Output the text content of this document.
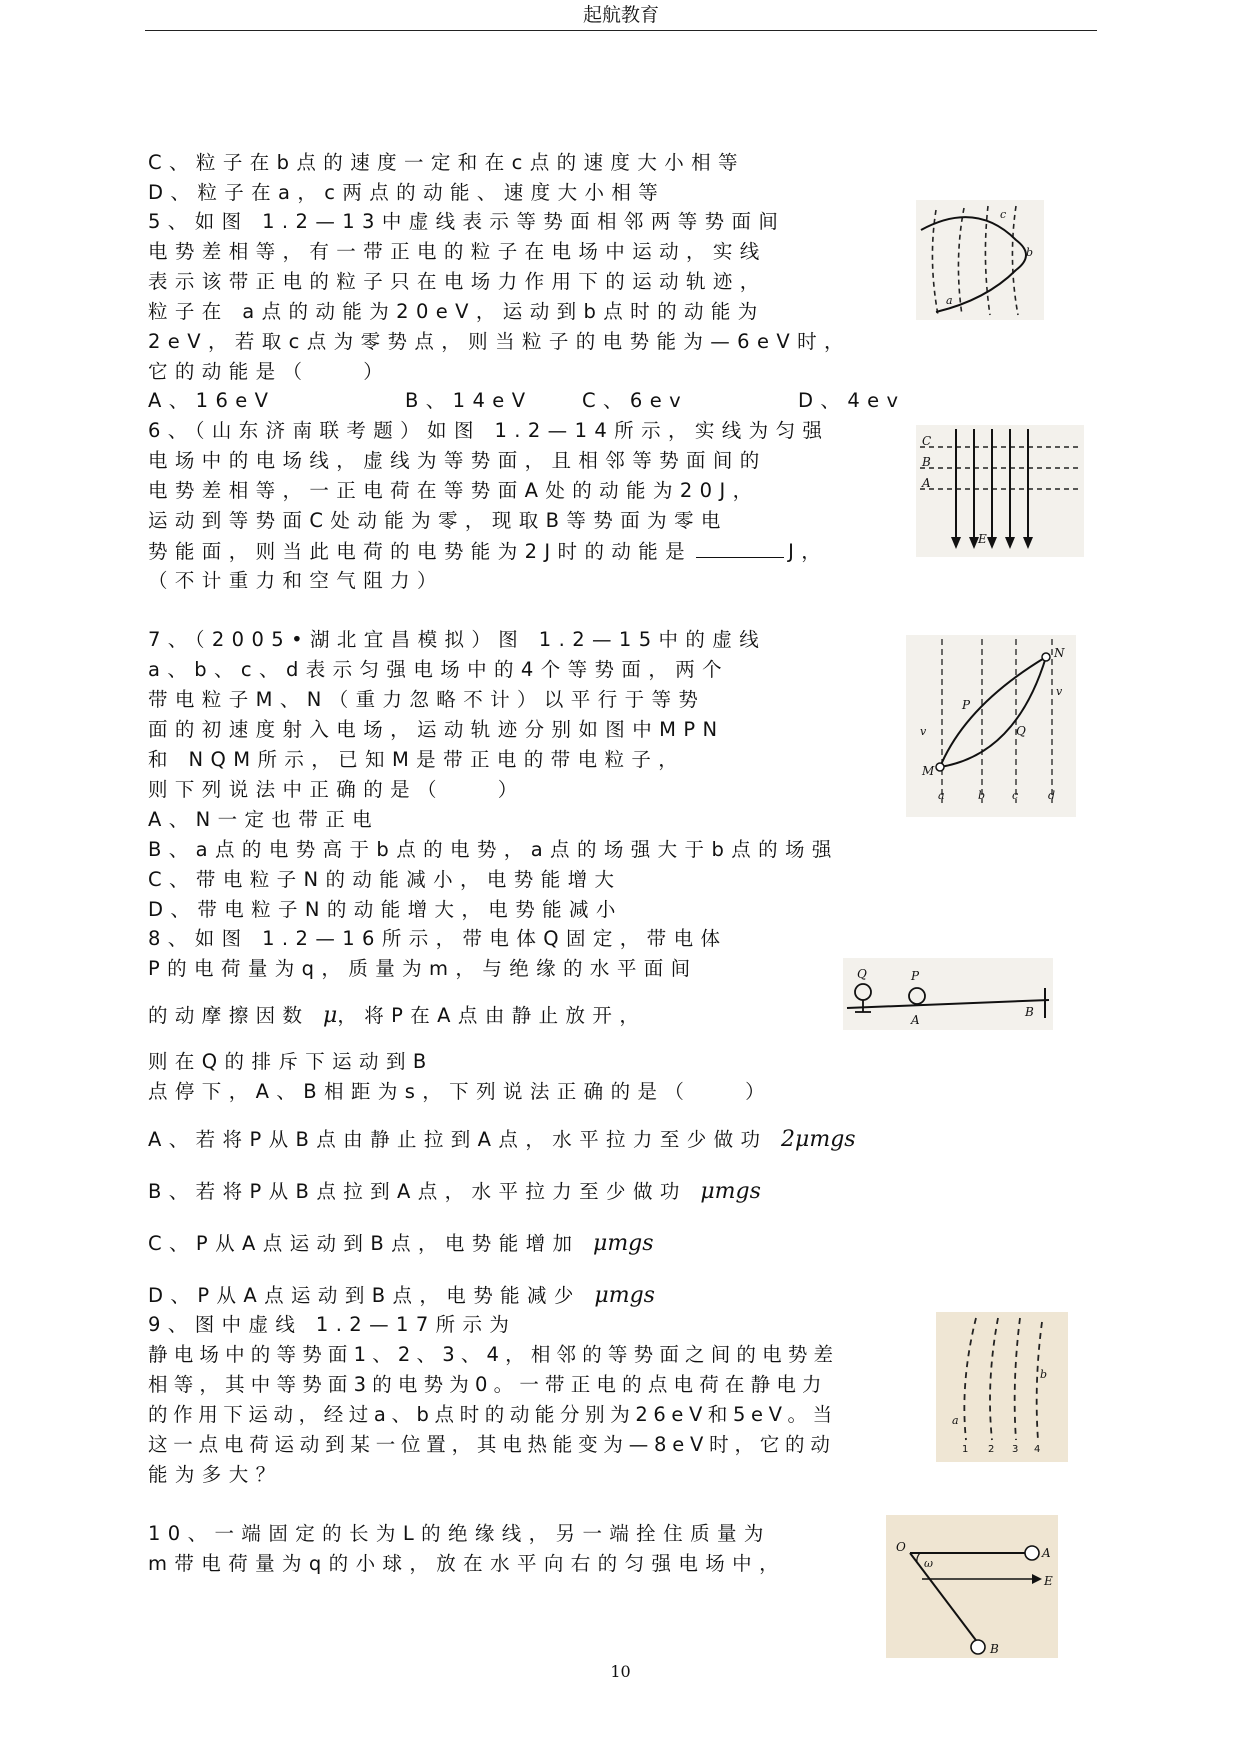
起航教育
C、粒子在b点的速度一定和在c点的速度大小相等
D、粒子在a，c两点的动能、速度大小相等
5、如图 1.2—13中虚线表示等势面相邻两等势面间
电势差相等，有一带正电的粒子在电场中运动，实线
表示该带正电的粒子只在电场力作用下的运动轨迹，
粒子在 a点的动能为20eV，运动到b点时的动能为
2eV，若取c点为零势点，则当粒子的电势能为—6eV时，
它的动能是（　　）
A、16eV	B、14eV	C、6ev	D、4ev
6、（山东济南联考题）如图 1.2—14所示，实线为匀强
电场中的电场线，虚线为等势面，且相邻等势面间的
电势差相等，一正电荷在等势面A处的动能为20J，
运动到等势面C处动能为零，现取B等势面为零电
势能面，则当此电荷的电势能为2J时的动能是	J，
（不计重力和空气阻力）
7、（2005•湖北宜昌模拟）图 1.2—15中的虚线
a、b、c、d表示匀强电场中的4个等势面，两个
带电粒子M、N（重力忽略不计）以平行于等势
面的初速度射入电场，运动轨迹分别如图中MPN
和 NQM所示，已知M是带正电的带电粒子，
则下列说法中正确的是（　　）
A、N一定也带正电
B、a点的电势高于b点的电势，a点的场强大于b点的场强
C、带电粒子N的动能减小，电势能增大
D、带电粒子N的动能增大，电势能减小
8、如图 1.2—16所示，带电体Q固定，带电体
P的电荷量为q，质量为m，与绝缘的水平面间
的动摩擦因数 μ，将P在A点由静止放开，
则在Q的排斥下运动到B
点停下，A、B相距为s，下列说法正确的是（　　）
A、若将P从B点由静止拉到A点，水平拉力至少做功 2μmgs
B、若将P从B点拉到A点，水平拉力至少做功 μmgs
C、P从A点运动到B点，电势能增加 μmgs
D、P从A点运动到B点，电势能减少 μmgs
9、图中虚线 1.2—17所示为
静电场中的等势面1、2、3、4，相邻的等势面之间的电势差
相等，其中等势面3的电势为0。一带正电的点电荷在静电力
的作用下运动，经过a、b点时的动能分别为26eV和5eV。当
这一点电荷运动到某一位置，其电热能变为—8eV时，它的动
能为多大？
10、一端固定的长为L的绝缘线，另一端拴住质量为
m带电荷量为q的小球，放在水平向右的匀强电场中，
a
b
c
C
B
A
E
N
M
P
Q
v
v
a	b c	d
Q	P
A
B
a
b
1 2 3 4
O	A
B
E
ω
10
